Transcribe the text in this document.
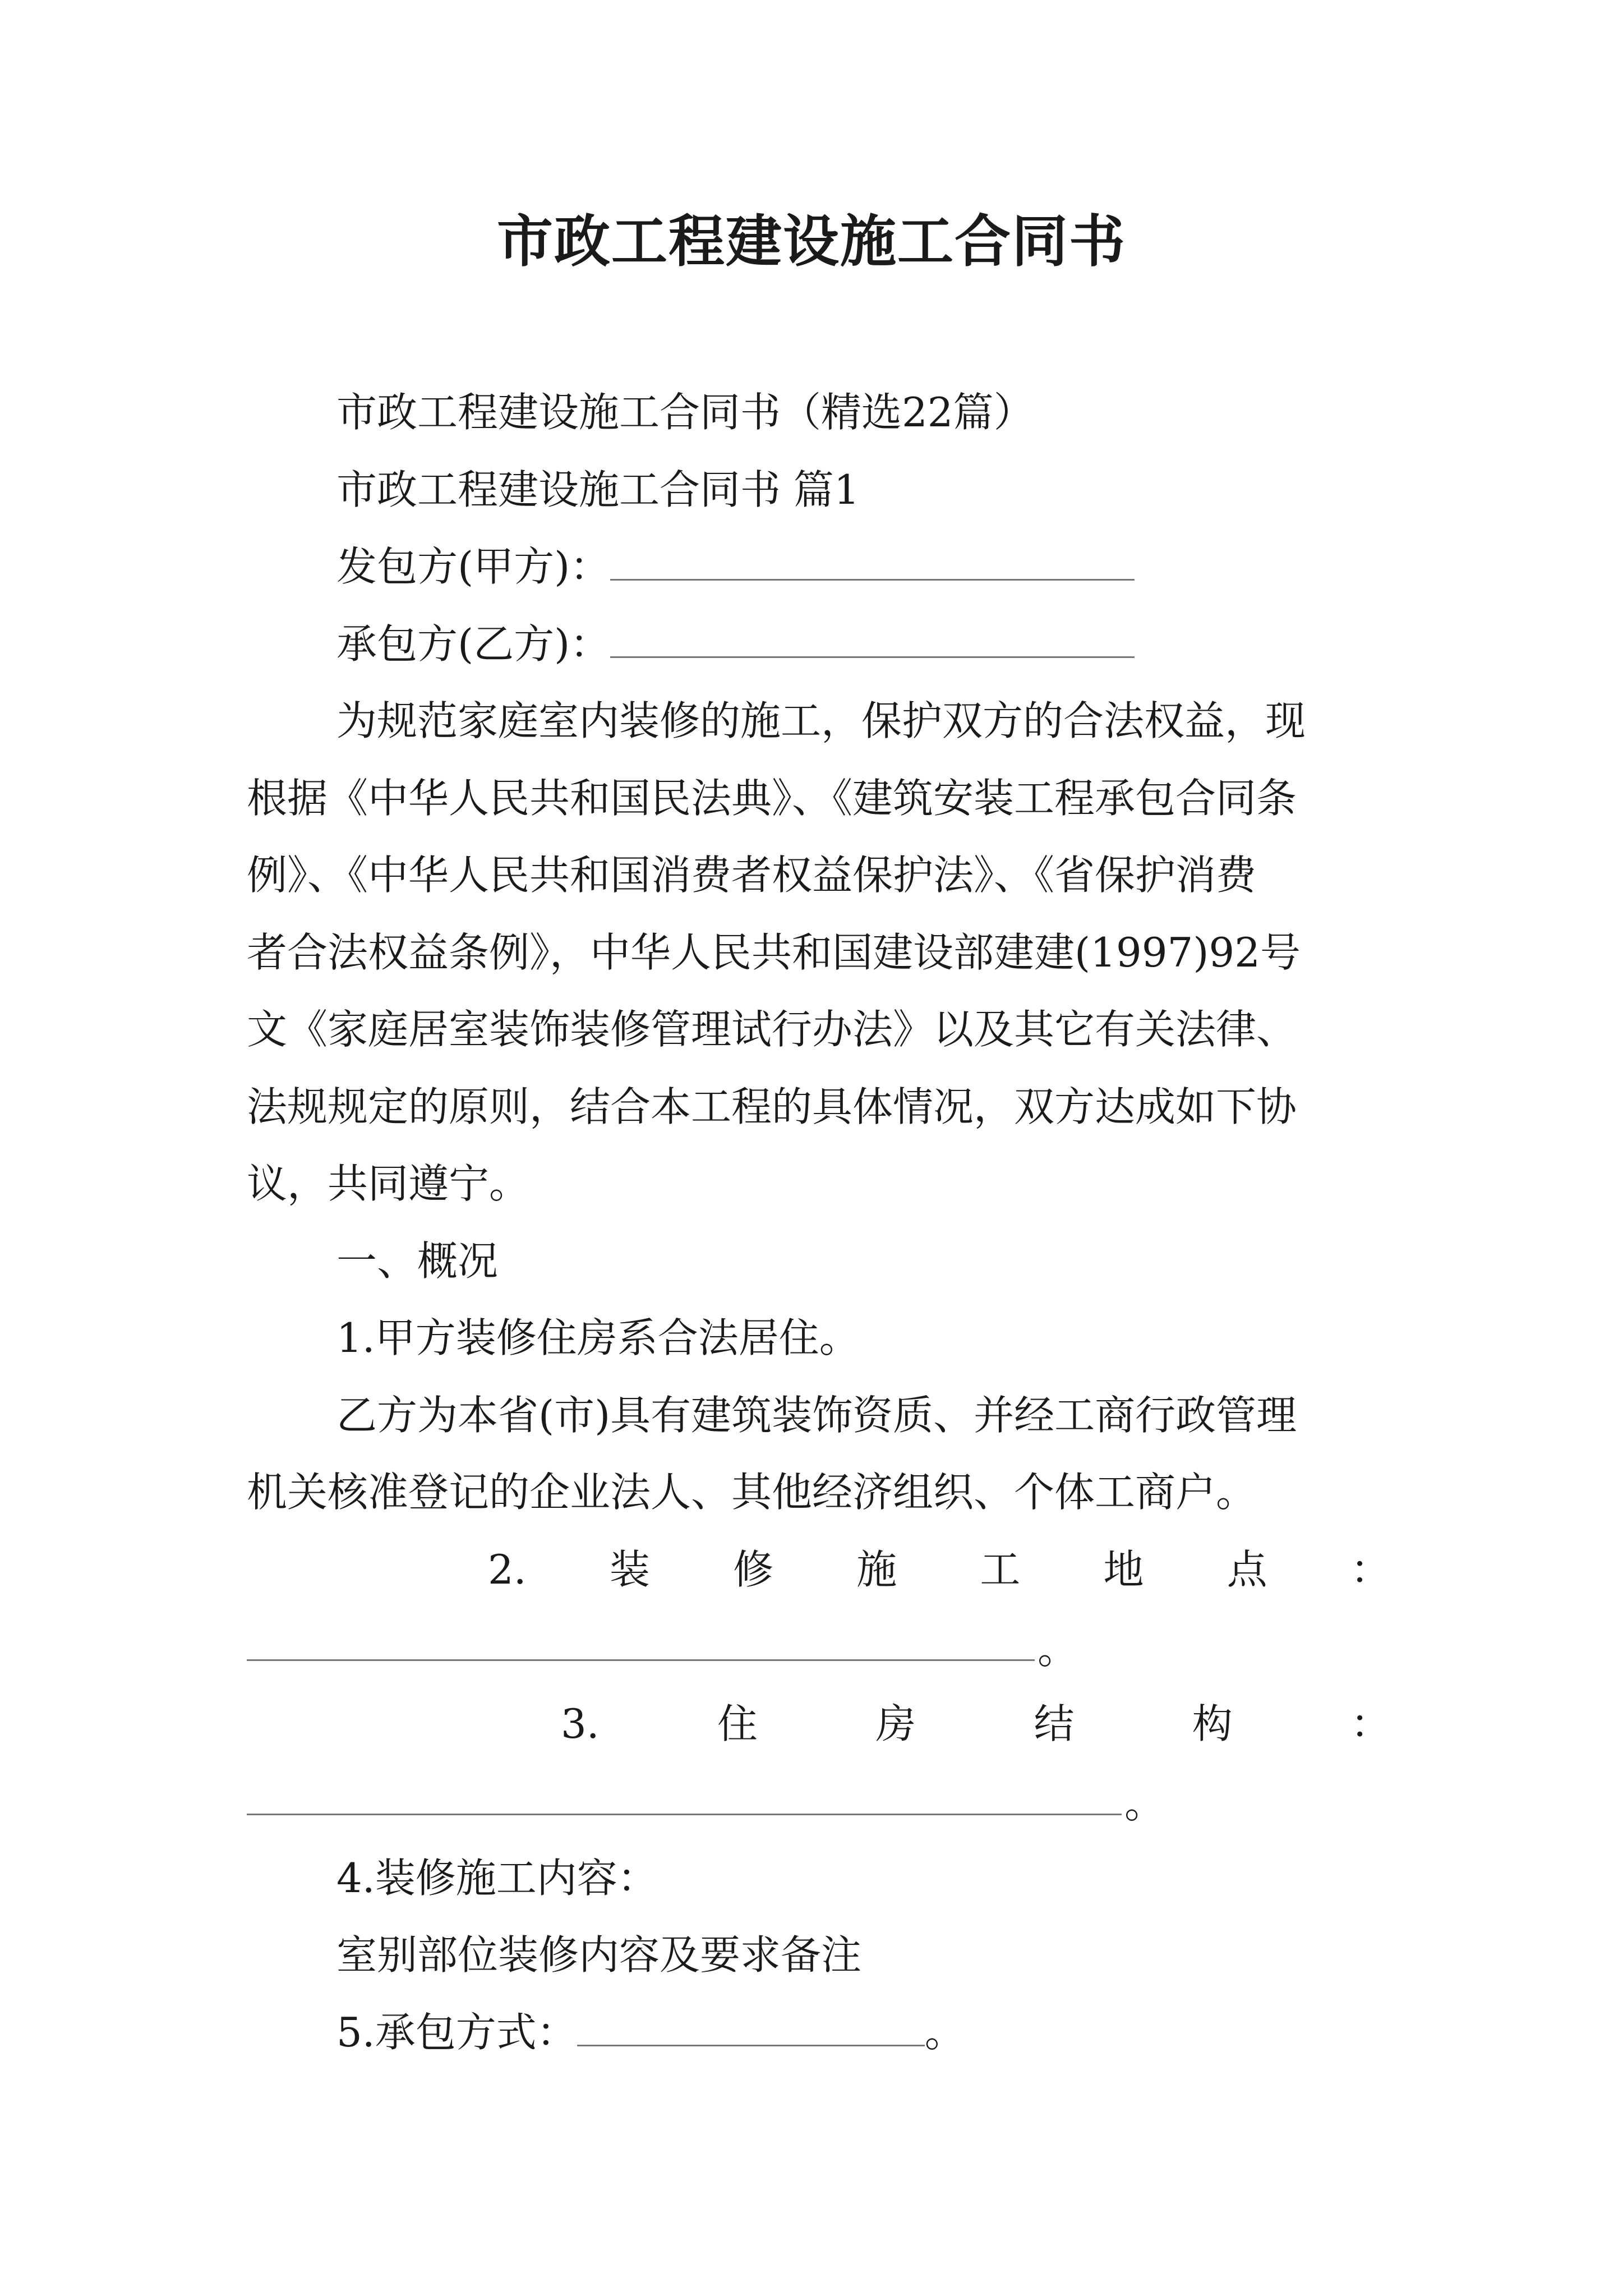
市政工程建设施工合同书
市政工程建设施工合同书（精选22篇）
市政工程建设施工合同书 篇1
发包方(甲方)：
承包方(乙方)：
为规范家庭室内装修的施工，保护双方的合法权益，现
根据《中华人民共和国民法典》、《建筑安装工程承包合同条
例》、《中华人民共和国消费者权益保护法》、《省保护消费
者合法权益条例》，中华人民共和国建设部建建(1997)92号
文《家庭居室装饰装修管理试行办法》以及其它有关法律、
法规规定的原则，结合本工程的具体情况，双方达成如下协
议，共同遵宁。
一、概况
1.甲方装修住房系合法居住。
乙方为本省(市)具有建筑装饰资质、并经工商行政管理
机关核准登记的企业法人、其他经济组织、个体工商户。
2. 装 修 施 工 地 点 ：
。
3.	住	房	结	构	：
。
4.装修施工内容：
室别部位装修内容及要求备注
5.承包方式：	。
